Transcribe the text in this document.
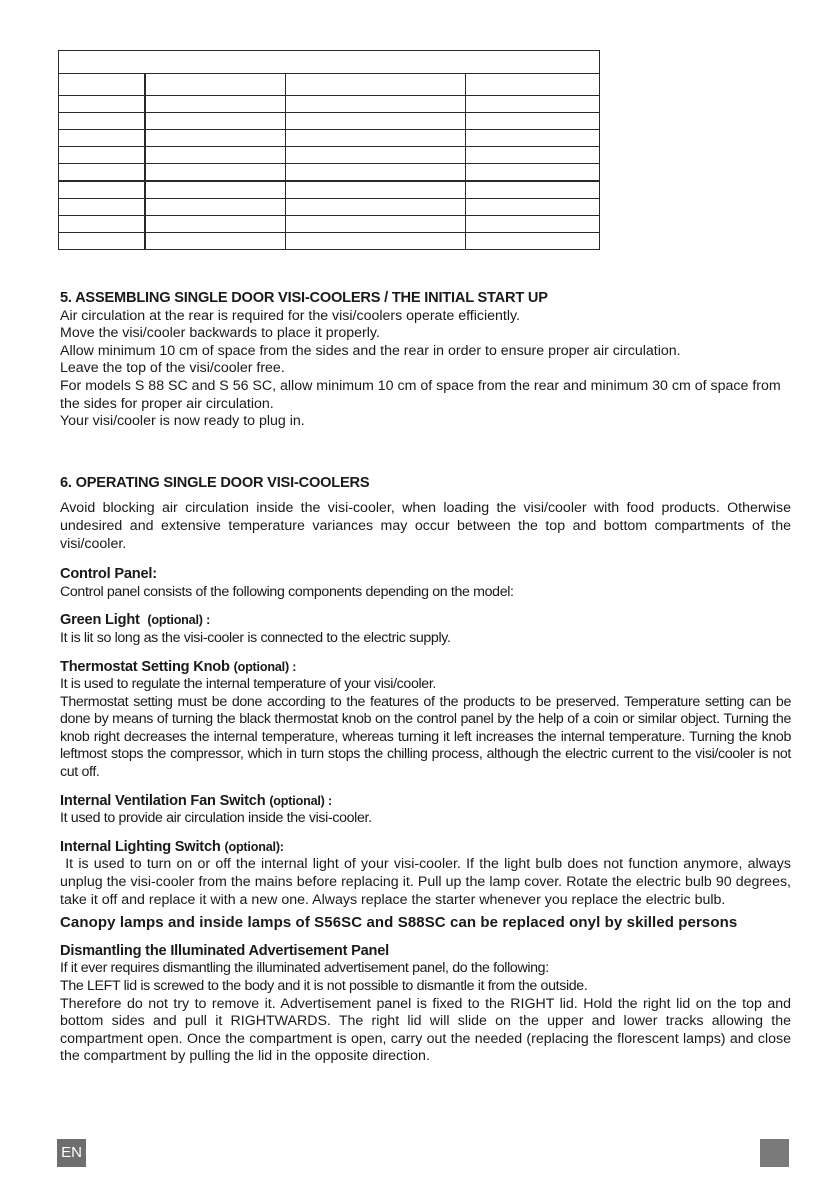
5. ASSEMBLING SINGLE DOOR VISI-COOLERS / THE INITIAL START UP

Air circulation at the rear is required for the visi/coolers operate efficiently.

Move the visi/cooler backwards to place it properly.

Allow minimum 10 cm of space from the sides and the rear in order to ensure proper air circulation.

Leave the top of the visi/cooler free.

For models S 88 SC and S 56 SC, allow minimum 10 cm of space from the rear and minimum 30 cm of space from the sides for proper air circulation.

Your visi/cooler is now ready to plug in.

6. OPERATING SINGLE DOOR VISI-COOLERS

Avoid blocking air circulation inside the visi-cooler, when loading the visi/cooler with food products. Otherwise undesired and extensive temperature variances may occur between the top and bottom compartments of the visi/cooler.

Control Panel:

Control panel consists of the following components depending on the model:

Green Light (optional) :

It is lit so long as the visi-cooler is connected to the electric supply.

Thermostat Setting Knob (optional) :

It is used to regulate the internal temperature of your visi/cooler.

Thermostat setting must be done according to the features of the products to be preserved. Temperature setting can be done by means of turning the black thermostat knob on the control panel by the help of a coin or similar object. Turning the knob right decreases the internal temperature, whereas turning it left increases the internal temperature. Turning the knob leftmost stops the compressor, which in turn stops the chilling process, although the electric current to the visi/cooler is not cut off.

Internal Ventilation Fan Switch (optional) :

It used to provide air circulation inside the visi-cooler.

Internal Lighting Switch (optional):

It is used to turn on or off the internal light of your visi-cooler. If the light bulb does not function anymore, always unplug the visi-cooler from the mains before replacing it. Pull up the lamp cover. Rotate the electric bulb 90 degrees, take it off and replace it with a new one. Always replace the starter whenever you replace the electric bulb.

Canopy lamps and inside lamps of S56SC and S88SC can be replaced onyl by skilled persons

Dismantling the Illuminated Advertisement Panel

If it ever requires dismantling the illuminated advertisement panel, do the following:

The LEFT lid is screwed to the body and it is not possible to dismantle it from the outside.

Therefore do not try to remove it. Advertisement panel is fixed to the RIGHT lid. Hold the right lid on the top and bottom sides and pull it RIGHTWARDS. The right lid will slide on the upper and lower tracks allowing the compartment open. Once the compartment is open, carry out the needed (replacing the florescent lamps) and close the compartment by pulling the lid in the opposite direction.

EN
